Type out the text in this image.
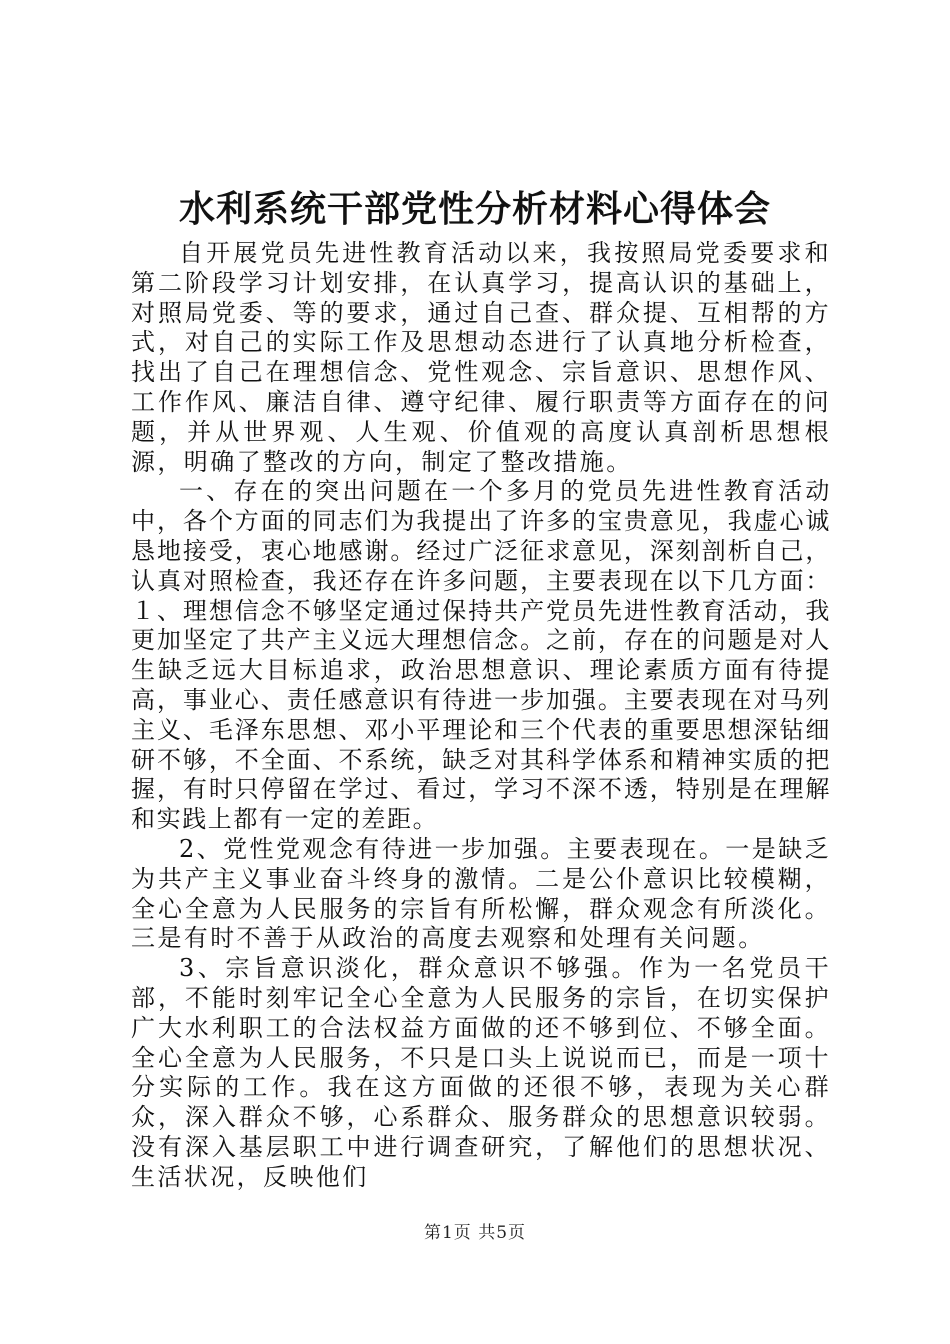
水利系统干部党性分析材料心得体会

自开展党员先进性教育活动以来，我按照局党委要求和第二阶段学习计划安排，在认真学习，提高认识的基础上，对照局党委、等的要求，通过自己查、群众提、互相帮的方式，对自己的实际工作及思想动态进行了认真地分析检查，找出了自己在理想信念、党性观念、宗旨意识、思想作风、工作作风、廉洁自律、遵守纪律、履行职责等方面存在的问题，并从世界观、人生观、价值观的高度认真剖析思想根源，明确了整改的方向，制定了整改措施。

一、存在的突出问题在一个多月的党员先进性教育活动中，各个方面的同志们为我提出了许多的宝贵意见，我虚心诚恳地接受，衷心地感谢。经过广泛征求意见，深刻剖析自己，认真对照检查，我还存在许多问题，主要表现在以下几方面：１、理想信念不够坚定通过保持共产党员先进性教育活动，我更加坚定了共产主义远大理想信念。之前，存在的问题是对人生缺乏远大目标追求，政治思想意识、理论素质方面有待提高，事业心、责任感意识有待进一步加强。主要表现在对马列主义、毛泽东思想、邓小平理论和三个代表的重要思想深钻细研不够，不全面、不系统，缺乏对其科学体系和精神实质的把握，有时只停留在学过、看过，学习不深不透，特别是在理解和实践上都有一定的差距。

2、党性党观念有待进一步加强。主要表现在。一是缺乏为共产主义事业奋斗终身的激情。二是公仆意识比较模糊，全心全意为人民服务的宗旨有所松懈，群众观念有所淡化。三是有时不善于从政治的高度去观察和处理有关问题。

3、宗旨意识淡化，群众意识不够强。作为一名党员干部，不能时刻牢记全心全意为人民服务的宗旨，在切实保护广大水利职工的合法权益方面做的还不够到位、不够全面。全心全意为人民服务，不只是口头上说说而已，而是一项十分实际的工作。我在这方面做的还很不够，表现为关心群众，深入群众不够，心系群众、服务群众的思想意识较弱。没有深入基层职工中进行调查研究，了解他们的思想状况、生活状况，反映他们

第1页 共5页
